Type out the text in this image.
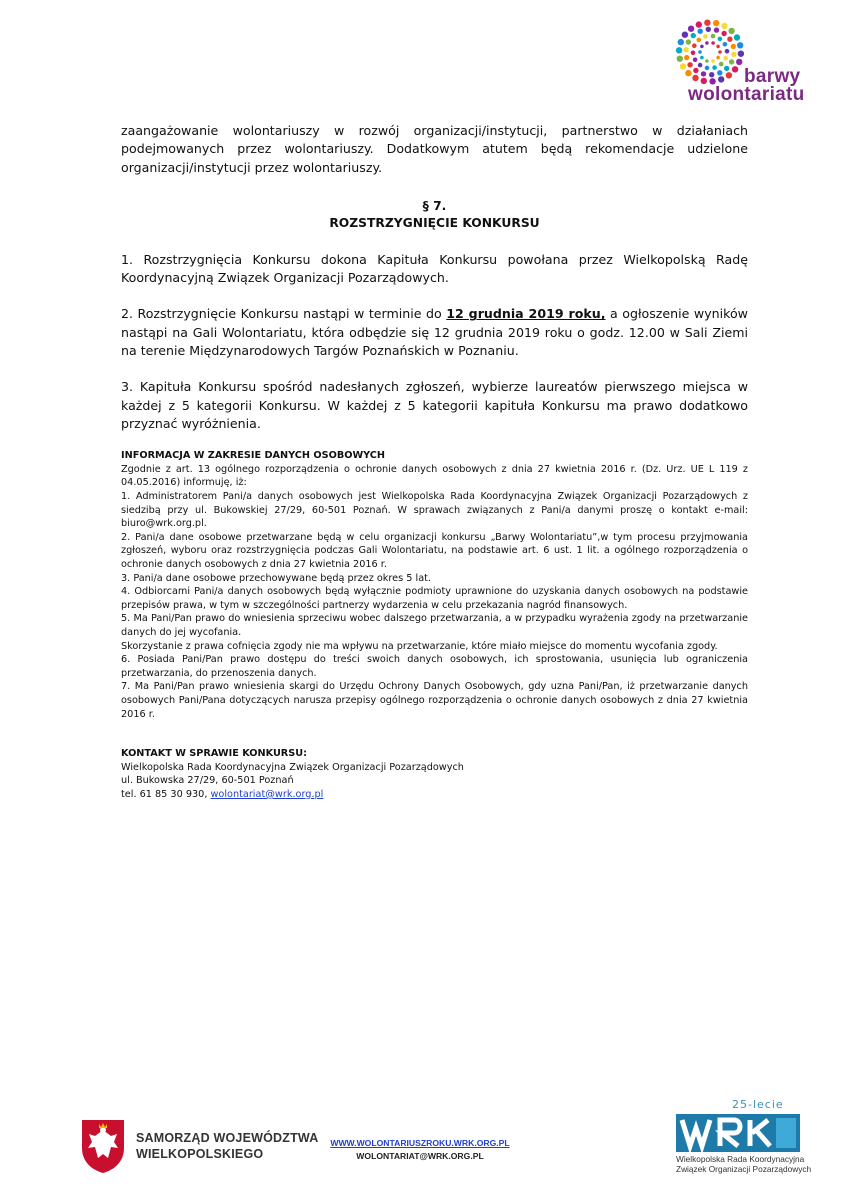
barwy
wolontariatu

zaangażowanie wolontariuszy w rozwój organizacji/instytucji, partnerstwo w działaniach podejmowanych przez wolontariuszy. Dodatkowym atutem będą rekomendacje udzielone organizacji/instytucji przez wolontariuszy.

§ 7.
ROZSTRZYGNIĘCIE KONKURSU

1. Rozstrzygnięcia Konkursu dokona Kapituła Konkursu powołana przez Wielkopolską Radę Koordynacyjną Związek Organizacji Pozarządowych.

2. Rozstrzygnięcie Konkursu nastąpi w terminie do 12 grudnia 2019 roku, a ogłoszenie wyników nastąpi na Gali Wolontariatu, która odbędzie się 12 grudnia 2019 roku o godz. 12.00 w Sali Ziemi na terenie Międzynarodowych Targów Poznańskich w Poznaniu.

3. Kapituła Konkursu spośród nadesłanych zgłoszeń, wybierze laureatów pierwszego miejsca w każdej z 5 kategorii Konkursu. W każdej z 5 kategorii kapituła Konkursu ma prawo dodatkowo przyznać wyróżnienia.

INFORMACJA W ZAKRESIE DANYCH OSOBOWYCH

Zgodnie z art. 13 ogólnego rozporządzenia o ochronie danych osobowych z dnia 27 kwietnia 2016 r. (Dz. Urz. UE L 119 z 04.05.2016) informuję, iż:

1. Administratorem Pani/a danych osobowych jest Wielkopolska Rada Koordynacyjna Związek Organizacji Pozarządowych z siedzibą przy ul. Bukowskiej 27/29, 60-501 Poznań. W sprawach związanych z Pani/a danymi proszę o kontakt e-mail: biuro@wrk.org.pl.

2. Pani/a dane osobowe przetwarzane będą w celu organizacji konkursu „Barwy Wolontariatu”,w tym procesu przyjmowania zgłoszeń, wyboru oraz rozstrzygnięcia podczas Gali Wolontariatu, na podstawie art. 6 ust. 1 lit. a ogólnego rozporządzenia o ochronie danych osobowych z dnia 27 kwietnia 2016 r.

3. Pani/a dane osobowe przechowywane będą przez okres 5 lat.

4. Odbiorcami Pani/a danych osobowych będą wyłącznie podmioty uprawnione do uzyskania danych osobowych na podstawie przepisów prawa, w tym w szczególności partnerzy wydarzenia w celu przekazania nagród finansowych.

5. Ma Pani/Pan prawo do wniesienia sprzeciwu wobec dalszego przetwarzania, a w przypadku wyrażenia zgody na przetwarzanie danych do jej wycofania.

Skorzystanie z prawa cofnięcia zgody nie ma wpływu na przetwarzanie, które miało miejsce do momentu wycofania zgody.

6. Posiada Pani/Pan prawo dostępu do treści swoich danych osobowych, ich sprostowania, usunięcia lub ograniczenia przetwarzania, do przenoszenia danych.

7. Ma Pani/Pan prawo wniesienia skargi do Urzędu Ochrony Danych Osobowych, gdy uzna Pani/Pan, iż przetwarzanie danych osobowych Pani/Pana dotyczących narusza przepisy ogólnego rozporządzenia o ochronie danych osobowych z dnia 27 kwietnia 2016 r.

KONTAKT W SPRAWIE KONKURSU:

Wielkopolska Rada Koordynacyjna Związek Organizacji Pozarządowych

ul. Bukowska 27/29, 60-501 Poznań

tel. 61 85 30 930, wolontariat@wrk.org.pl

SAMORZĄD WOJEWÓDZTWA
WIELKOPOLSKIEGO
WWW.WOLONTARIUSZROKU.WRK.ORG.PL
WOLONTARIAT@WRK.ORG.PL
25-lecie
Wielkopolska Rada Koordynacyjna
Związek Organizacji Pozarządowych
